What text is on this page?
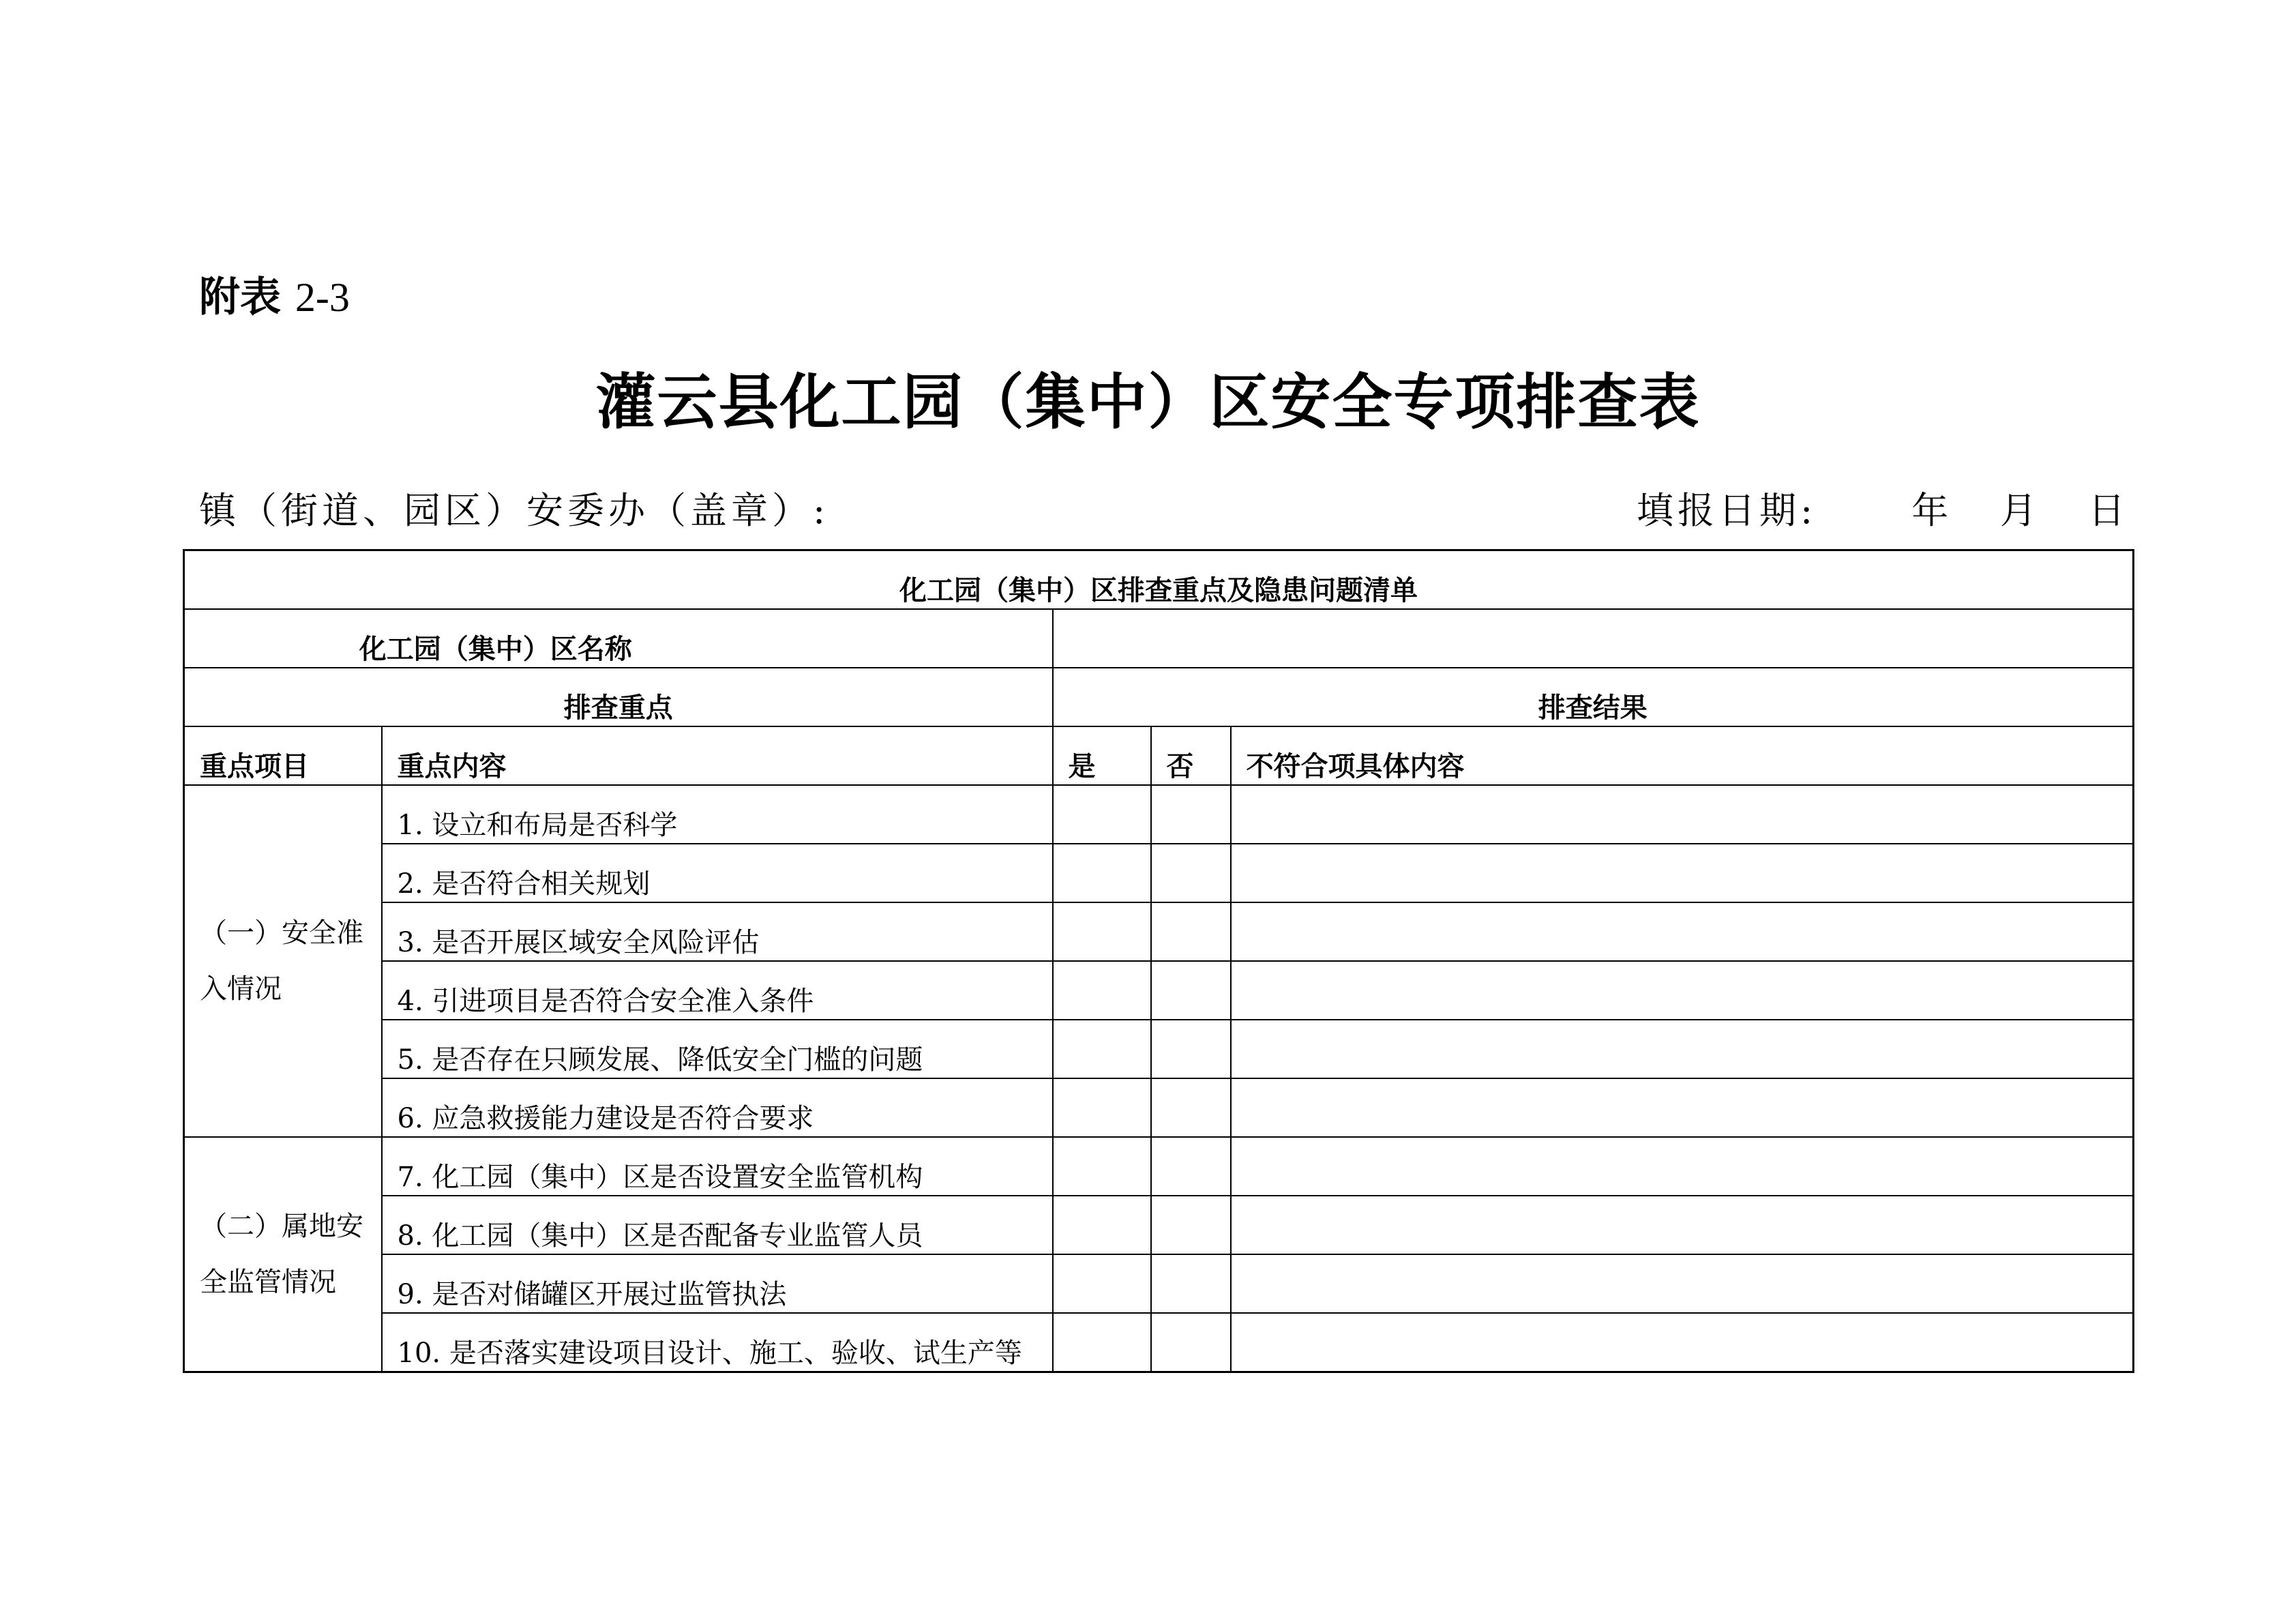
附表 2-3
灌云县化工园（集中）区安全专项排查表
镇（街道、园区）安委办（盖章）:	填报日期:	年 月 日
化工园（集中）区排查重点及隐患问题清单				
化工园（集中）区名称				
排查重点		排查结果		
重点项目	重点内容	是	否	不符合项具体内容
（一）安全准入情况	1. 设立和布局是否科学			
	2. 是否符合相关规划			
	3. 是否开展区域安全风险评估			
	4. 引进项目是否符合安全准入条件			
	5. 是否存在只顾发展、降低安全门槛的问题			
	6. 应急救援能力建设是否符合要求			
（二）属地安全监管情况	7. 化工园（集中）区是否设置安全监管机构			
	8. 化工园（集中）区是否配备专业监管人员			
	9. 是否对储罐区开展过监管执法			
	10. 是否落实建设项目设计、施工、验收、试生产等			
